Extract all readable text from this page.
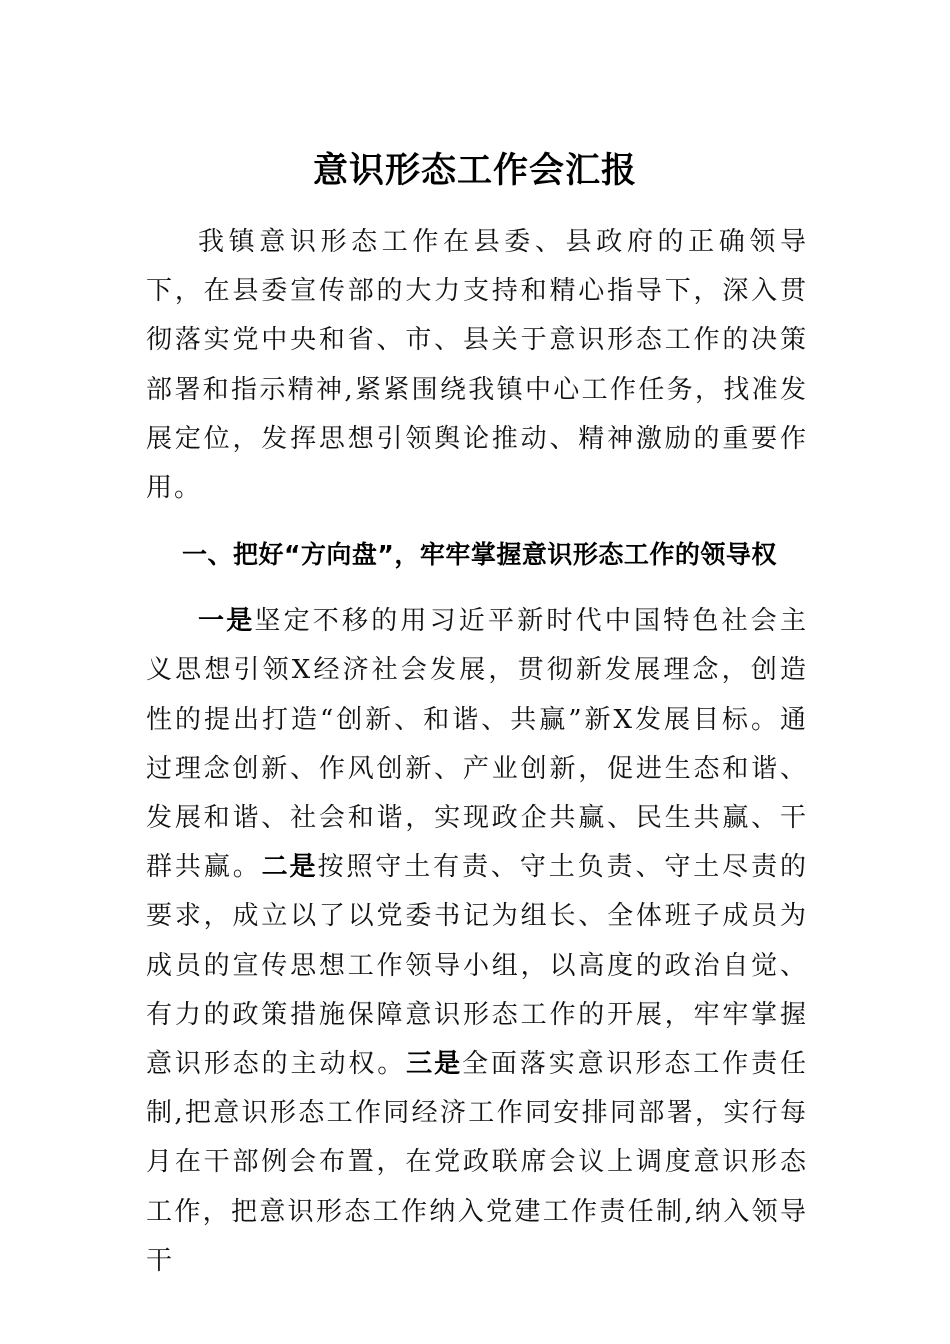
意识形态工作会汇报

我镇意识形态工作在县委、县政府的正确领导下，在县委宣传部的大力支持和精心指导下，深入贯彻落实党中央和省、市、县关于意识形态工作的决策部署和指示精神,紧紧围绕我镇中心工作任务，找准发展定位，发挥思想引领舆论推动、精神激励的重要作用。

一、把好“方向盘”，牢牢掌握意识形态工作的领导权

一是坚定不移的用习近平新时代中国特色社会主义思想引领X经济社会发展，贯彻新发展理念，创造性的提出打造“创新、和谐、共赢”新X发展目标。通过理念创新、作风创新、产业创新，促进生态和谐、发展和谐、社会和谐，实现政企共赢、民生共赢、干群共赢。二是按照守土有责、守土负责、守土尽责的要求，成立以了以党委书记为组长、全体班子成员为成员的宣传思想工作领导小组，以高度的政治自觉、有力的政策措施保障意识形态工作的开展，牢牢掌握意识形态的主动权。三是全面落实意识形态工作责任制,把意识形态工作同经济工作同安排同部署，实行每月在干部例会布置，在党政联席会议上调度意识形态工作，把意识形态工作纳入党建工作责任制,纳入领导干
